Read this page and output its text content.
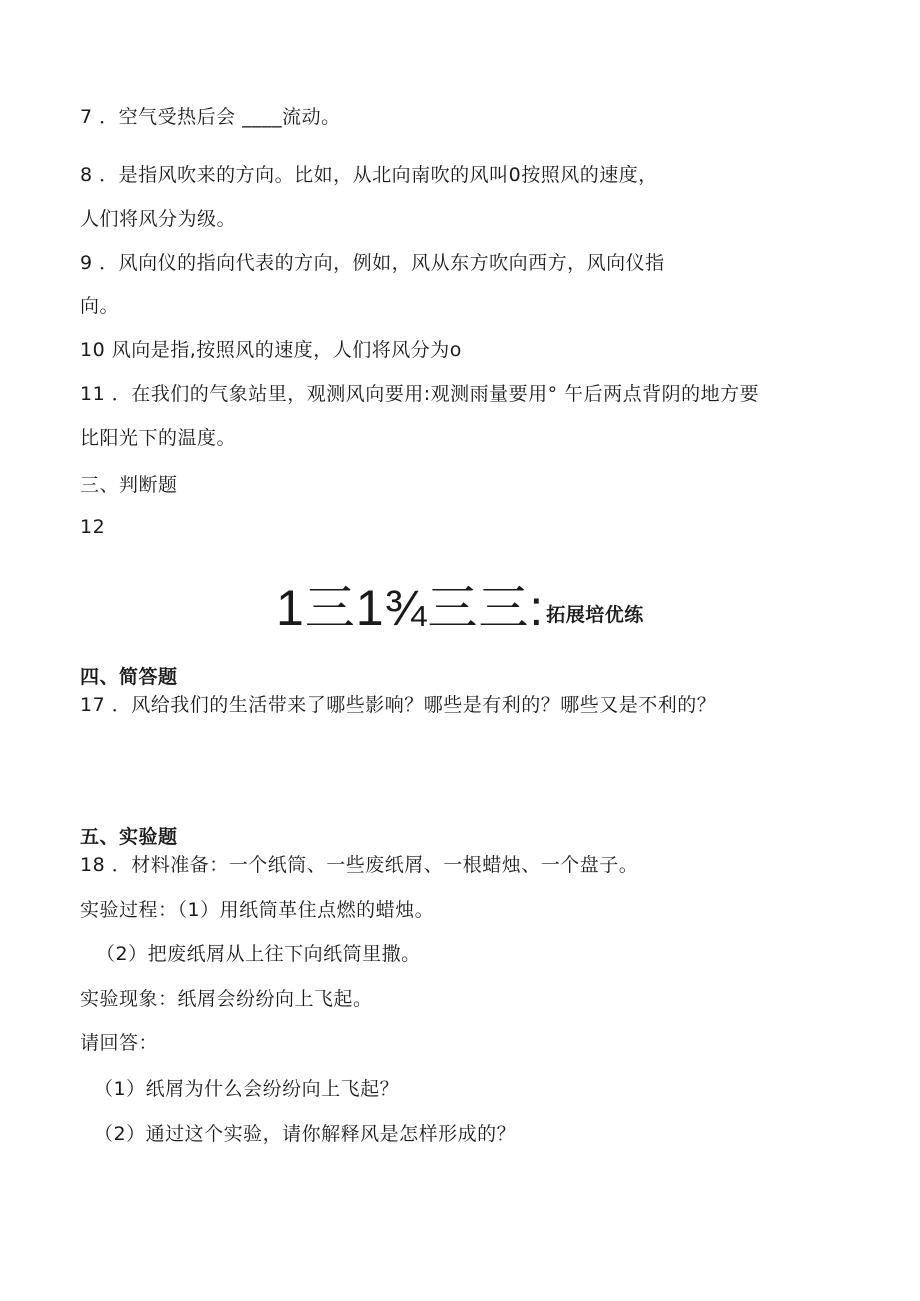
7 ．空气受热后会 ____流动。
8 ．是指风吹来的方向。比如，从北向南吹的风叫0按照风的速度，
人们将风分为级。
9 ．风向仪的指向代表的方向，例如，风从东方吹向西方，风向仪指
向。
10 风向是指,按照风的速度，人们将风分为o
11 ．在我们的气象站里，观测风向要用:观测雨量要用° 午后两点背阴的地方要
比阳光下的温度。
三、判断题
12
1三1¾三三: 拓展培优练
四、简答题
17 ．风给我们的生活带来了哪些影响？哪些是有利的？哪些又是不利的？
五、实验题
18 ．材料准备：一个纸筒、一些废纸屑、一根蜡烛、一个盘子。
实验过程：（1）用纸筒革住点燃的蜡烛。
（2）把废纸屑从上往下向纸筒里撒。
实验现象：纸屑会纷纷向上飞起。
请回答：
（1）纸屑为什么会纷纷向上飞起？
（2）通过这个实验，请你解释风是怎样形成的？
